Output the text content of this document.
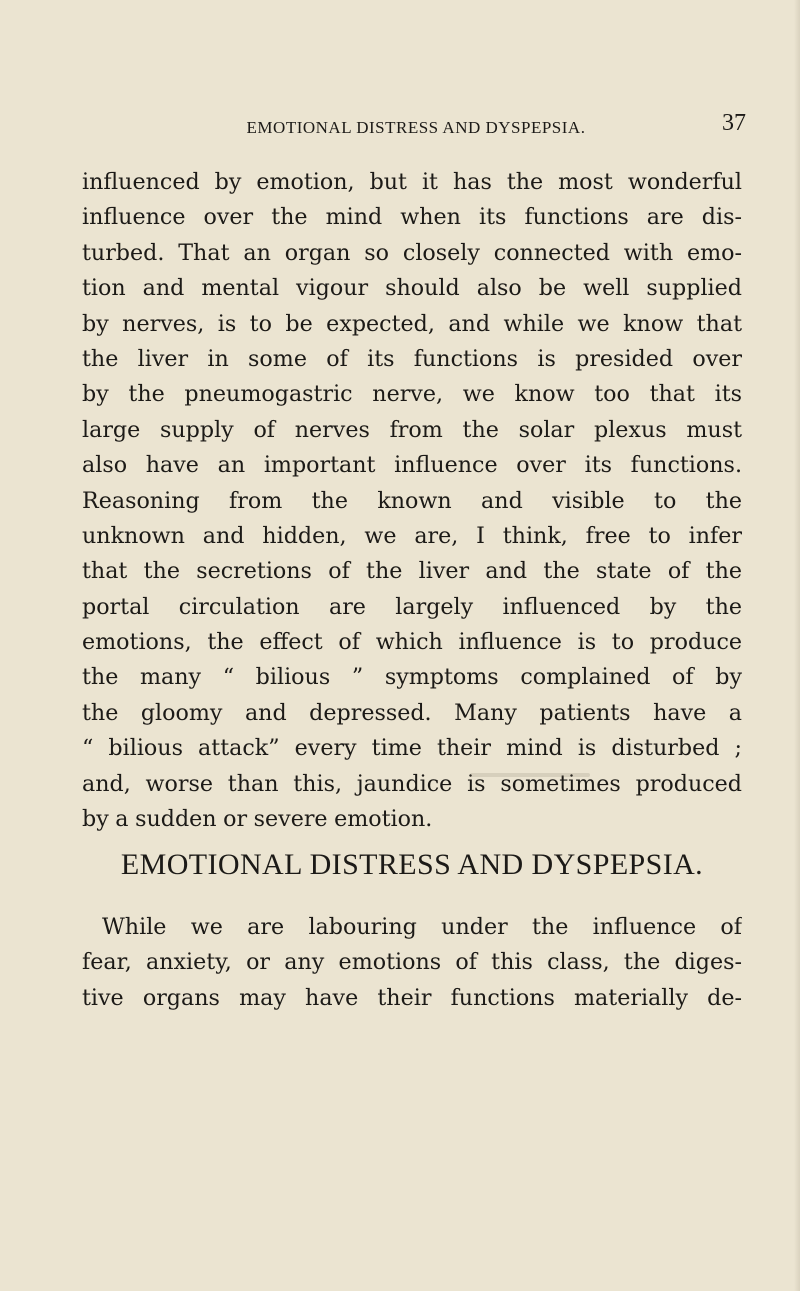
EMOTIONAL DISTRESS AND DYSPEPSIA.	37
influenced by emotion, but it has the most wonderful
influence over the mind when its functions are dis-
turbed. That an organ so closely connected with emo-
tion and mental vigour should also be well supplied
by nerves, is to be expected, and while we know that
the liver in some of its functions is presided over
by the pneumogastric nerve, we know too that its
large supply of nerves from the solar plexus must
also have an important influence over its functions.
Reasoning from the known and visible to the
unknown and hidden, we are, I think, free to infer
that the secretions of the liver and the state of the
portal circulation are largely influenced by the
emotions, the effect of which influence is to produce
the many “ bilious ” symptoms complained of by
the gloomy and depressed. Many patients have a
“ bilious attack” every time their mind is disturbed ;
and, worse than this, jaundice is sometimes produced
by a sudden or severe emotion.
EMOTIONAL DISTRESS AND DYSPEPSIA.
While we are labouring under the influence of
fear, anxiety, or any emotions of this class, the diges-
tive organs may have their functions materially de-
